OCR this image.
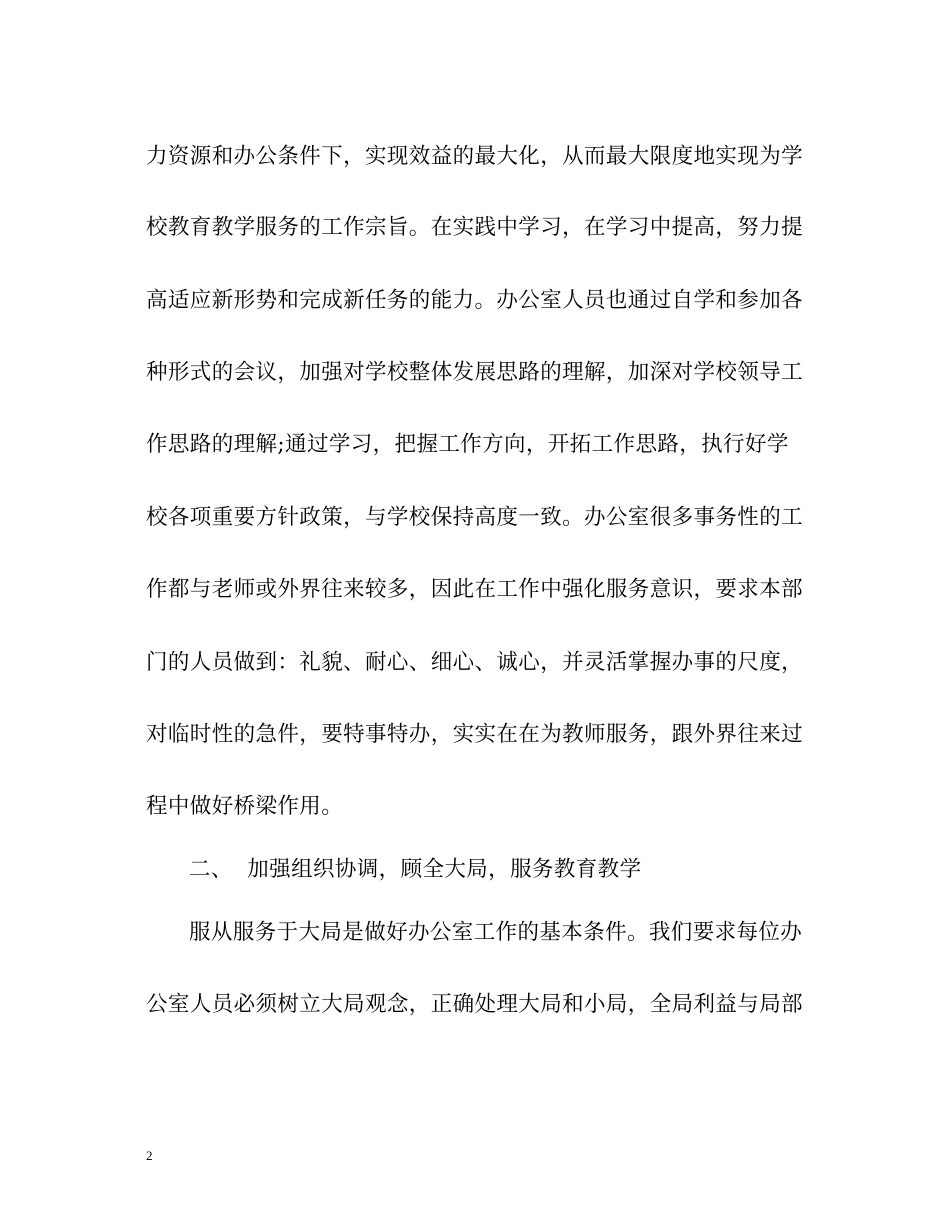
力资源和办公条件下，实现效益的最大化，从而最大限度地实现为学
校教育教学服务的工作宗旨。在实践中学习，在学习中提高，努力提
高适应新形势和完成新任务的能力。办公室人员也通过自学和参加各
种形式的会议，加强对学校整体发展思路的理解，加深对学校领导工
作思路的理解;通过学习，把握工作方向，开拓工作思路，执行好学
校各项重要方针政策，与学校保持高度一致。办公室很多事务性的工
作都与老师或外界往来较多，因此在工作中强化服务意识，要求本部
门的人员做到：礼貌、耐心、细心、诚心，并灵活掌握办事的尺度，
对临时性的急件，要特事特办，实实在在为教师服务，跟外界往来过
程中做好桥梁作用。
二、  加强组织协调，顾全大局，服务教育教学
服从服务于大局是做好办公室工作的基本条件。我们要求每位办
公室人员必须树立大局观念，正确处理大局和小局，全局利益与局部
2
